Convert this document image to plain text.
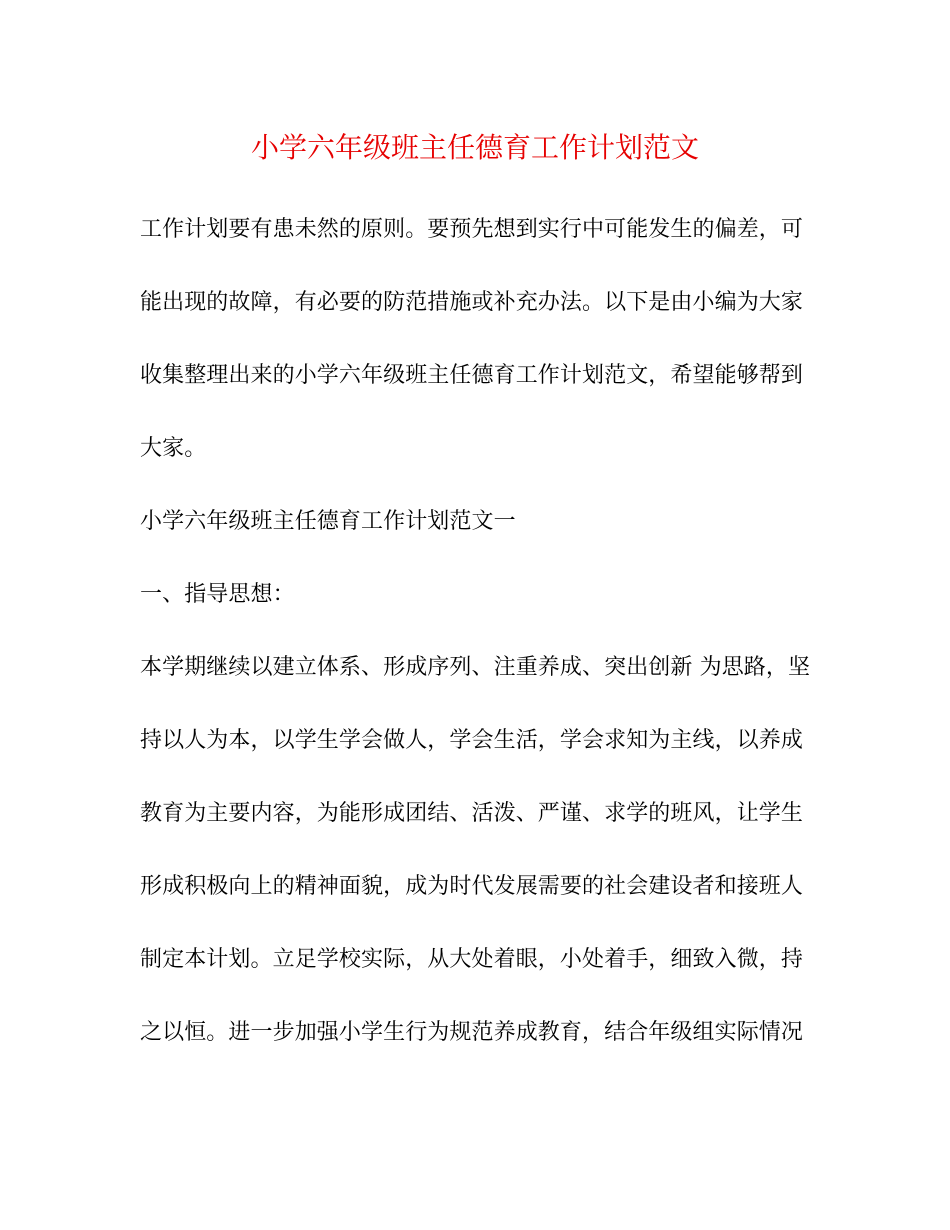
小学六年级班主任德育工作计划范文
工作计划要有患未然的原则。要预先想到实行中可能发生的偏差，可
能出现的故障，有必要的防范措施或补充办法。以下是由小编为大家
收集整理出来的小学六年级班主任德育工作计划范文，希望能够帮到
大家。
小学六年级班主任德育工作计划范文一
一、指导思想：
本学期继续以建立体系、形成序列、注重养成、突出创新 为思路，坚
持以人为本，以学生学会做人，学会生活，学会求知为主线，以养成
教育为主要内容，为能形成团结、活泼、严谨、求学的班风，让学生
形成积极向上的精神面貌，成为时代发展需要的社会建设者和接班人
制定本计划。立足学校实际，从大处着眼，小处着手，细致入微，持
之以恒。进一步加强小学生行为规范养成教育，结合年级组实际情况
